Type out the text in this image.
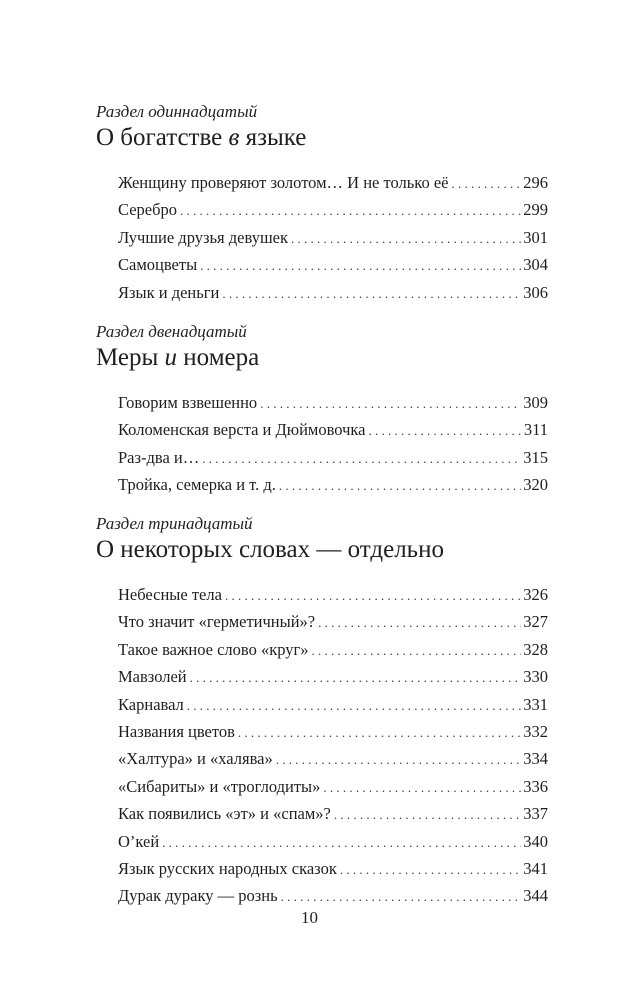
Раздел одиннадцатый
О богатстве в языке
Женщину проверяют золотом… И не только её . . .	296
Серебро . . .	299
Лучшие друзья девушек . . .	301
Самоцветы . . .	304
Язык и деньги . . .	306
Раздел двенадцатый
Меры и номера
Говорим взвешенно . . .	309
Коломенская верста и Дюймовочка . . .	311
Раз-два и… . . .	315
Тройка, семерка и т. д. . . .	320
Раздел тринадцатый
О некоторых словах — отдельно
Небесные тела . . .	326
Что значит «герметичный»? . . .	327
Такое важное слово «круг» . . .	328
Мавзолей . . .	330
Карнавал . . .	331
Названия цветов . . .	332
«Халтура» и «халява» . . .	334
«Сибариты» и «троглодиты» . . .	336
Как появились «эт» и «спам»? . . .	337
О’кей . . .	340
Язык русских народных сказок . . .	341
Дурак дураку — рознь . . .	344
10
